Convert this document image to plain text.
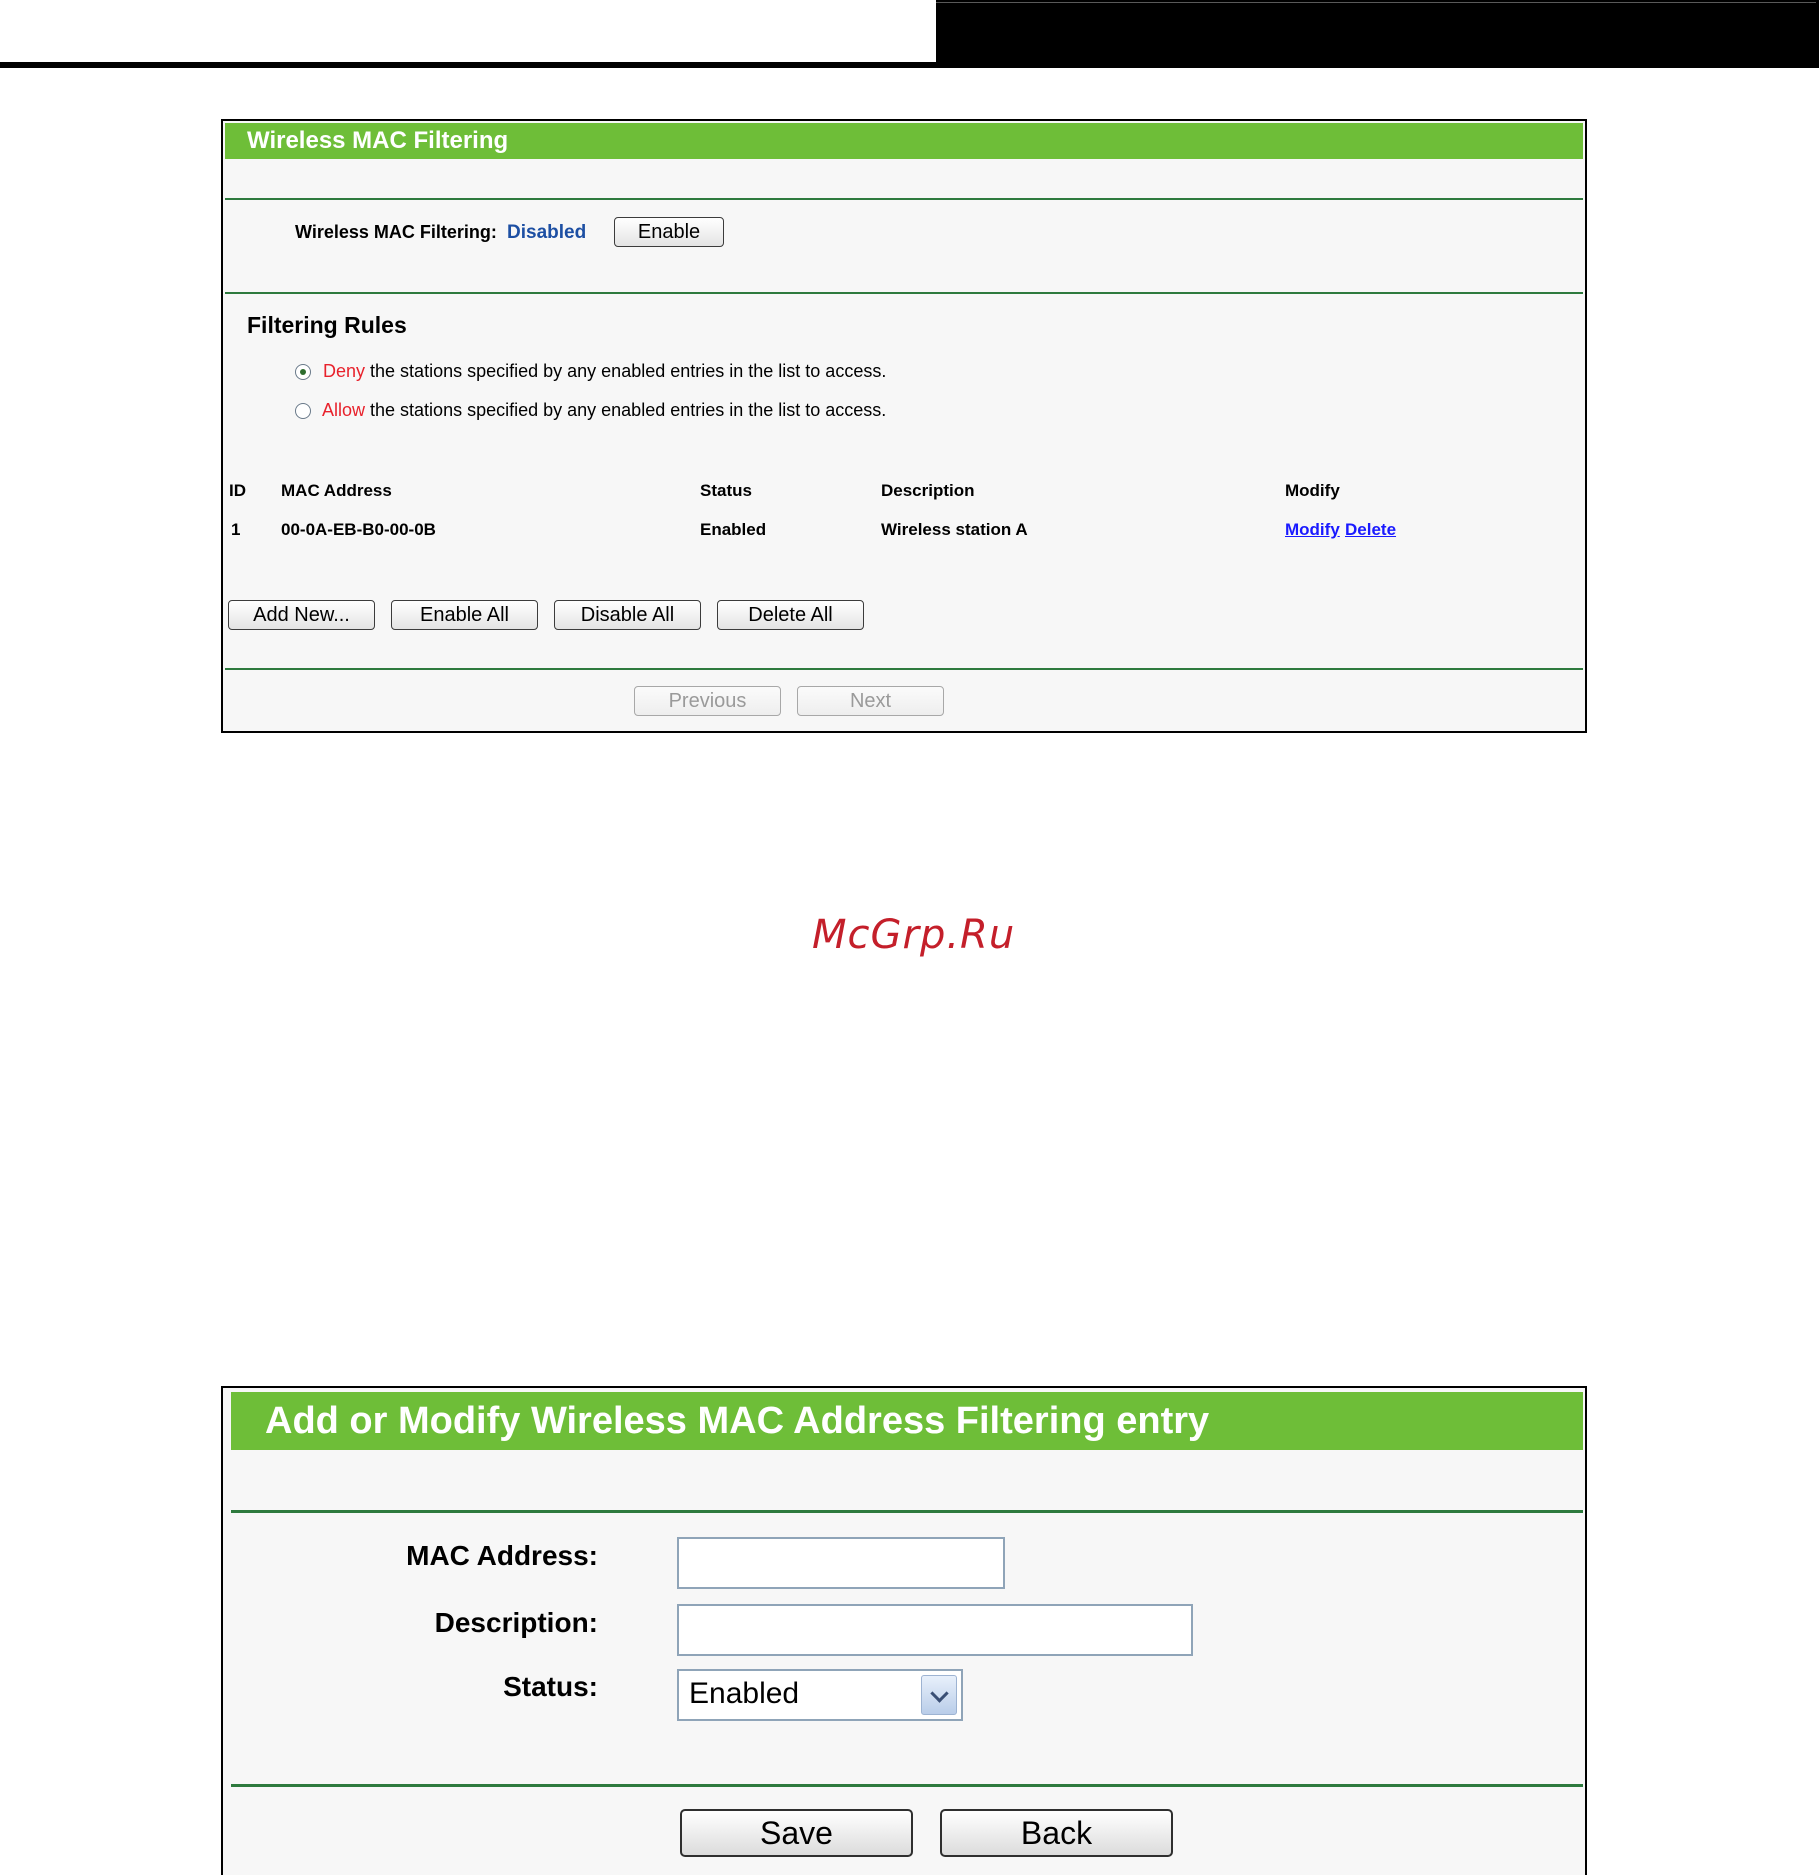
Wireless MAC Filtering
Wireless MAC Filtering: Disabled	Enable
Filtering Rules
Deny the stations specified by any enabled entries in the list to access.
Allow the stations specified by any enabled entries in the list to access.
ID MAC Address	Status	Description	Modify
1 00-0A-EB-B0-00-0B	Enabled	Wireless station A	Modify Delete
Add New...	Enable All	Disable All	Delete All
Previous	Next
McGrp.Ru
Add or Modify Wireless MAC Address Filtering entry
MAC Address:
Description:
Status:	Enabled
Save	Back
